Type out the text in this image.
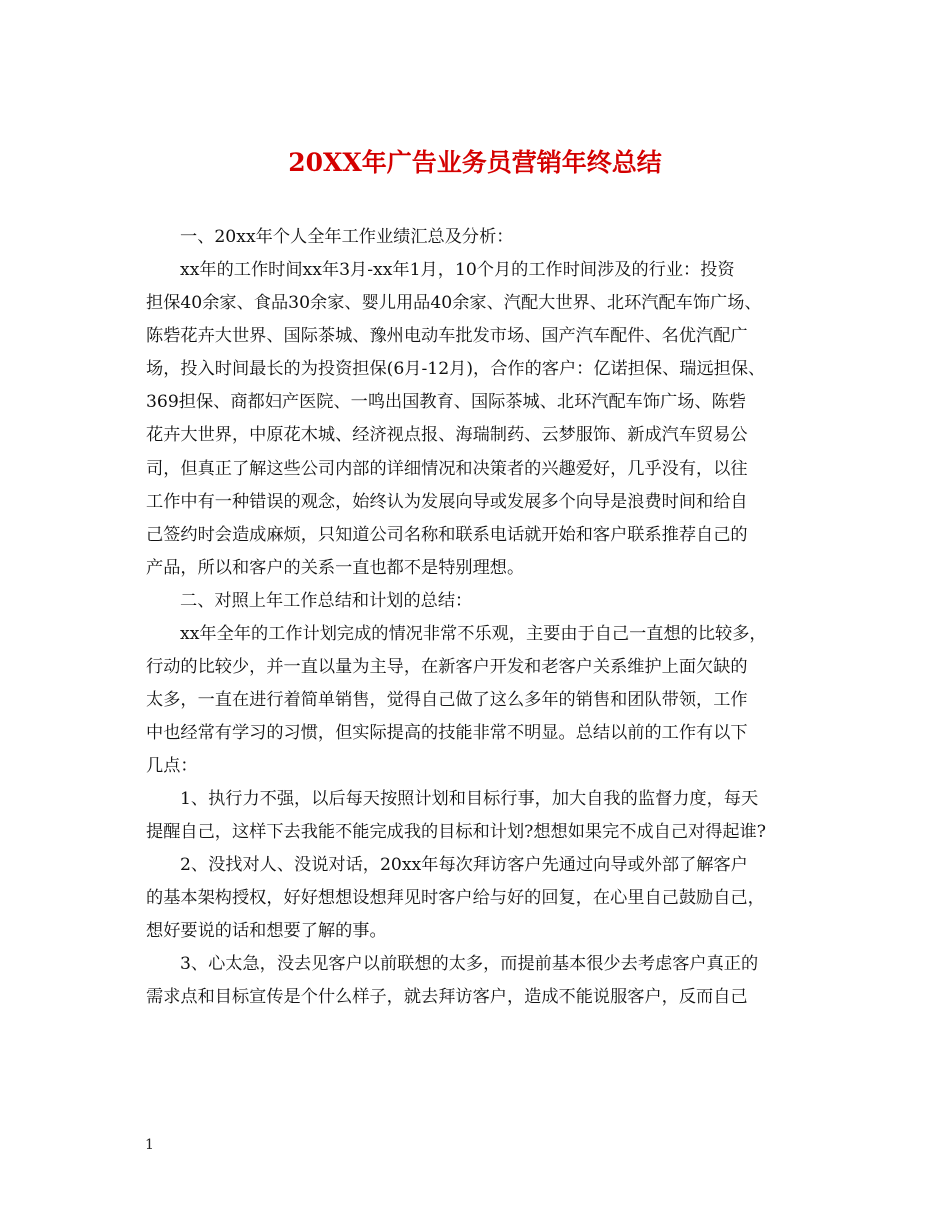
20XX年广告业务员营销年终总结
一、20xx年个人全年工作业绩汇总及分析：
xx年的工作时间xx年3月-xx年1月，10个月的工作时间涉及的行业：投资
担保40余家、食品30余家、婴儿用品40余家、汽配大世界、北环汽配车饰广场、
陈砦花卉大世界、国际茶城、豫州电动车批发市场、国产汽车配件、名优汽配广
场，投入时间最长的为投资担保(6月-12月)，合作的客户：亿诺担保、瑞远担保、
369担保、商都妇产医院、一鸣出国教育、国际茶城、北环汽配车饰广场、陈砦
花卉大世界，中原花木城、经济视点报、海瑞制药、云梦服饰、新成汽车贸易公
司，但真正了解这些公司内部的详细情况和决策者的兴趣爱好，几乎没有，以往
工作中有一种错误的观念，始终认为发展向导或发展多个向导是浪费时间和给自
己签约时会造成麻烦，只知道公司名称和联系电话就开始和客户联系推荐自己的
产品，所以和客户的关系一直也都不是特别理想。
二、对照上年工作总结和计划的总结：
xx年全年的工作计划完成的情况非常不乐观，主要由于自己一直想的比较多，
行动的比较少，并一直以量为主导，在新客户开发和老客户关系维护上面欠缺的
太多，一直在进行着简单销售，觉得自己做了这么多年的销售和团队带领，工作
中也经常有学习的习惯，但实际提高的技能非常不明显。总结以前的工作有以下
几点：
1、执行力不强，以后每天按照计划和目标行事，加大自我的监督力度，每天
提醒自己，这样下去我能不能完成我的目标和计划?想想如果完不成自己对得起谁?
2、没找对人、没说对话，20xx年每次拜访客户先通过向导或外部了解客户
的基本架构授权，好好想想设想拜见时客户给与好的回复，在心里自己鼓励自己，
想好要说的话和想要了解的事。
3、心太急，没去见客户以前联想的太多，而提前基本很少去考虑客户真正的
需求点和目标宣传是个什么样子，就去拜访客户，造成不能说服客户，反而自己
1
